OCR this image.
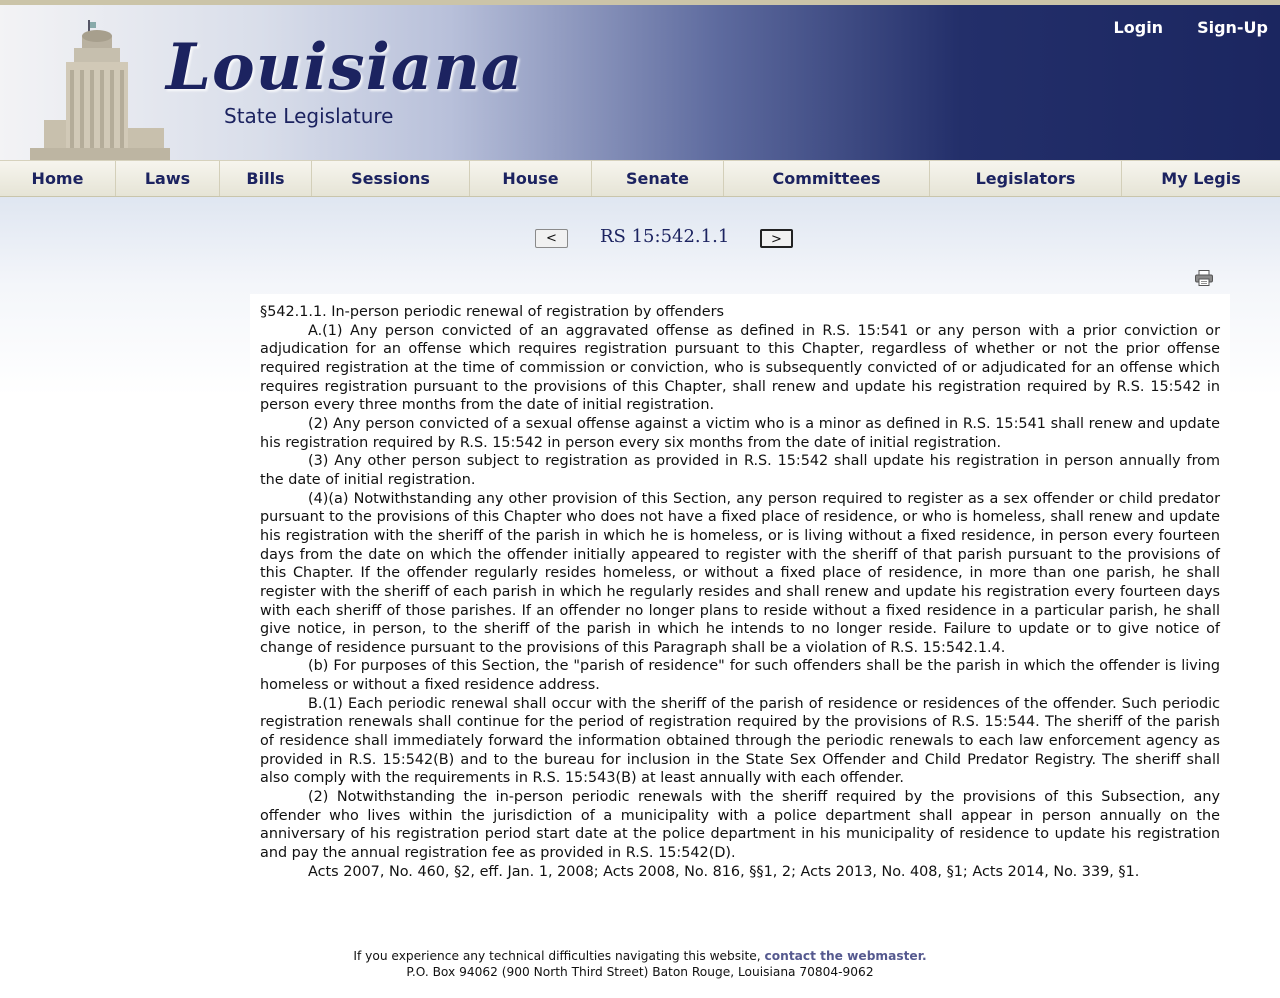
Louisiana
State Legislature
Login Sign-Up
Home	Laws	Bills	Sessions	House	Senate	Committees	Legislators	My Legis
<	RS 15:542.1.1	>

§542.1.1. In-person periodic renewal of registration by offenders

A.(1) Any person convicted of an aggravated offense as defined in R.S. 15:541 or any person with a prior conviction or adjudication for an offense which requires registration pursuant to this Chapter, regardless of whether or not the prior offense required registration at the time of commission or conviction, who is subsequently convicted of or adjudicated for an offense which requires registration pursuant to the provisions of this Chapter, shall renew and update his registration required by R.S. 15:542 in person every three months from the date of initial registration.

(2) Any person convicted of a sexual offense against a victim who is a minor as defined in R.S. 15:541 shall renew and update his registration required by R.S. 15:542 in person every six months from the date of initial registration.

(3) Any other person subject to registration as provided in R.S. 15:542 shall update his registration in person annually from the date of initial registration.

(4)(a) Notwithstanding any other provision of this Section, any person required to register as a sex offender or child predator pursuant to the provisions of this Chapter who does not have a fixed place of residence, or who is homeless, shall renew and update his registration with the sheriff of the parish in which he is homeless, or is living without a fixed residence, in person every fourteen days from the date on which the offender initially appeared to register with the sheriff of that parish pursuant to the provisions of this Chapter. If the offender regularly resides homeless, or without a fixed place of residence, in more than one parish, he shall register with the sheriff of each parish in which he regularly resides and shall renew and update his registration every fourteen days with each sheriff of those parishes. If an offender no longer plans to reside without a fixed residence in a particular parish, he shall give notice, in person, to the sheriff of the parish in which he intends to no longer reside. Failure to update or to give notice of change of residence pursuant to the provisions of this Paragraph shall be a violation of R.S. 15:542.1.4.

(b) For purposes of this Section, the "parish of residence" for such offenders shall be the parish in which the offender is living homeless or without a fixed residence address.

B.(1) Each periodic renewal shall occur with the sheriff of the parish of residence or residences of the offender. Such periodic registration renewals shall continue for the period of registration required by the provisions of R.S. 15:544. The sheriff of the parish of residence shall immediately forward the information obtained through the periodic renewals to each law enforcement agency as provided in R.S. 15:542(B) and to the bureau for inclusion in the State Sex Offender and Child Predator Registry. The sheriff shall also comply with the requirements in R.S. 15:543(B) at least annually with each offender.

(2) Notwithstanding the in-person periodic renewals with the sheriff required by the provisions of this Subsection, any offender who lives within the jurisdiction of a municipality with a police department shall appear in person annually on the anniversary of his registration period start date at the police department in his municipality of residence to update his registration and pay the annual registration fee as provided in R.S. 15:542(D).

Acts 2007, No. 460, §2, eff. Jan. 1, 2008; Acts 2008, No. 816, §§1, 2; Acts 2013, No. 408, §1; Acts 2014, No. 339, §1.

If you experience any technical difficulties navigating this website, contact the webmaster.
P.O. Box 94062 (900 North Third Street) Baton Rouge, Louisiana 70804-9062
